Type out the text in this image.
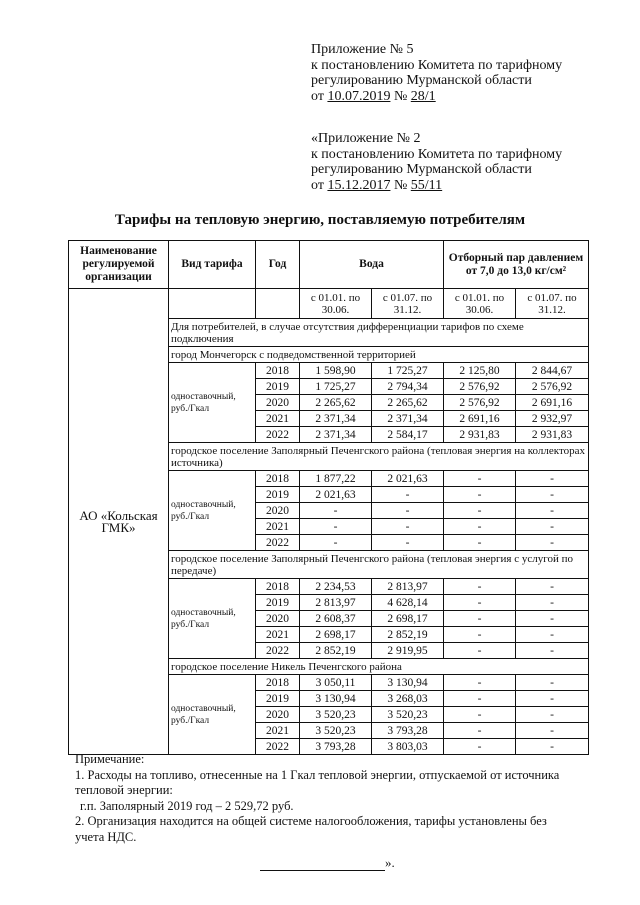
Приложение № 5
к постановлению Комитета по тарифному
регулированию Мурманской области
от 10.07.2019 № 28/1
«Приложение № 2
к постановлению Комитета по тарифному
регулированию Мурманской области
от 15.12.2017 № 55/11
Тарифы на тепловую энергию, поставляемую потребителям
Наименование регулируемой организации	Вид тарифа	Год	Вода		Отборный пар давлением от 7,0 до 13,0 кг/см²	
АО «Кольская ГМК»			с 01.01. по 30.06.	с 01.07. по 31.12.	с 01.01. по 30.06.	с 01.07. по 31.12.
	Для потребителей, в случае отсутствия дифференциации тарифов по схеме подключения					
	город Мончегорск с подведомственной территорией					
	одноставочный, руб./Гкал	2018	1 598,90	1 725,27	2 125,80	2 844,67
		2019	1 725,27	2 794,34	2 576,92	2 576,92
		2020	2 265,62	2 265,62	2 576,92	2 691,16
		2021	2 371,34	2 371,34	2 691,16	2 932,97
		2022	2 371,34	2 584,17	2 931,83	2 931,83
	городское поселение Заполярный Печенгского района (тепловая энергия на коллекторах источника)					
	одноставочный, руб./Гкал	2018	1 877,22	2 021,63	-	-
		2019	2 021,63	-	-	-
		2020	-	-	-	-
		2021	-	-	-	-
		2022	-	-	-	-
	городское поселение Заполярный Печенгского района (тепловая энергия с услугой по передаче)					
	одноставочный, руб./Гкал	2018	2 234,53	2 813,97	-	-
		2019	2 813,97	4 628,14	-	-
		2020	2 608,37	2 698,17	-	-
		2021	2 698,17	2 852,19	-	-
		2022	2 852,19	2 919,95	-	-
	городское поселение Никель Печенгского района					
	одноставочный, руб./Гкал	2018	3 050,11	3 130,94	-	-
		2019	3 130,94	3 268,03	-	-
		2020	3 520,23	3 520,23	-	-
		2021	3 520,23	3 793,28	-	-
		2022	3 793,28	3 803,03	-	-
Примечание:
1. Расходы на топливо, отнесенные на 1 Гкал тепловой энергии, отпускаемой от источника тепловой энергии:
г.п. Заполярный 2019 год – 2 529,72 руб.
2. Организация находится на общей системе налогообложения, тарифы установлены без учета НДС.
».
